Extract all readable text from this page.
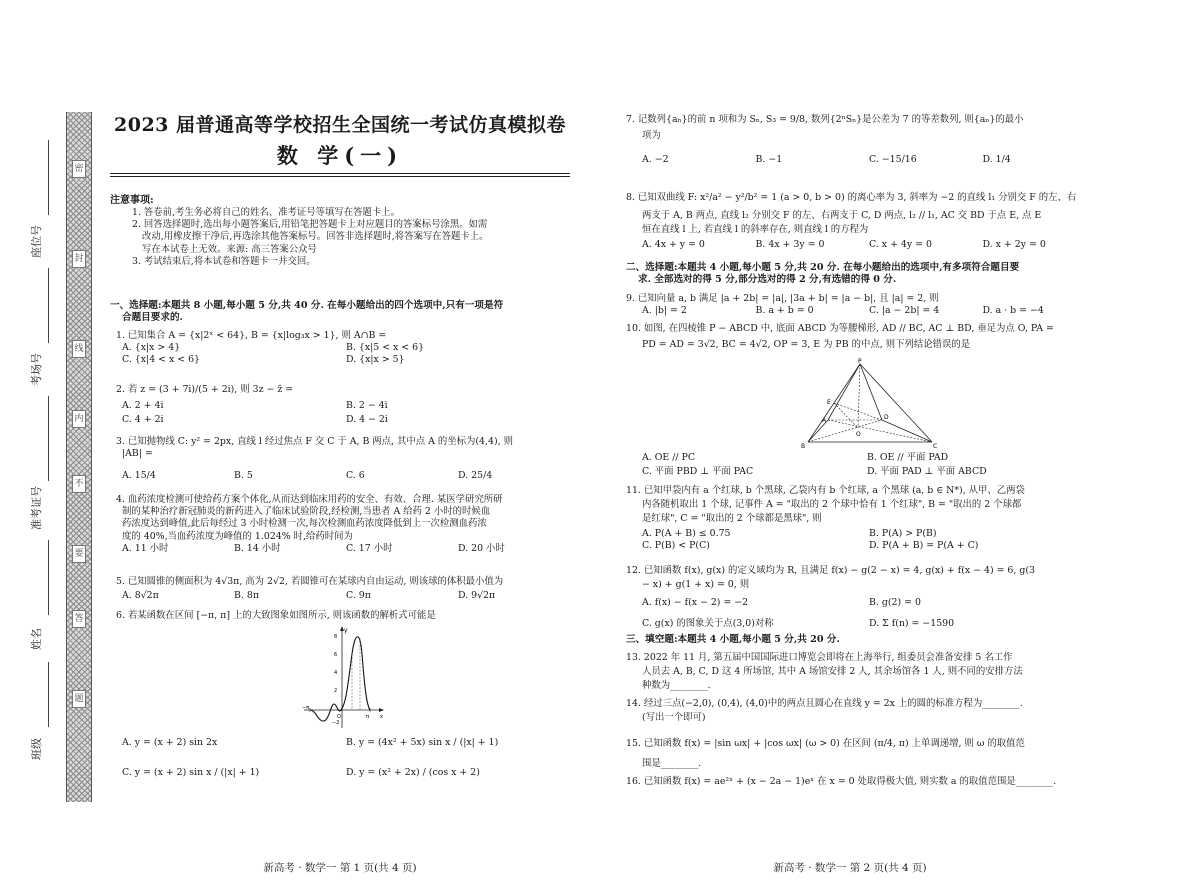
密
封
线
内
不
要
答
题
座位号
考场号
准考证号
姓名
班级
2023 届普通高等学校招生全国统一考试仿真模拟卷
数 学(一)
注意事项:
1. 答卷前,考生务必将自己的姓名、准考证号等填写在答题卡上。
2. 回答选择题时,选出每小题答案后,用铅笔把答题卡上对应题目的答案标号涂黑。如需
改动,用橡皮擦干净后,再选涂其他答案标号。回答非选择题时,将答案写在答题卡上。
写在本试卷上无效。来源: 高三答案公众号
3. 考试结束后,将本试卷和答题卡一并交回。
一、选择题:本题共 8 小题,每小题 5 分,共 40 分. 在每小题给出的四个选项中,只有一项是符
合题目要求的.
1. 已知集合 A = {x|2ˣ < 64}, B = {x|log₃x > 1}, 则 A∩B =
A. {x|x > 4}	B. {x|5 < x < 6}
C. {x|4 < x < 6}	D. {x|x > 5}
2. 若 z = (3 + 7i)/(5 + 2i), 则 3z − z̄ =
A. 2 + 4i	B. 2 − 4i
C. 4 + 2i	D. 4 − 2i
3. 已知抛物线 C: y² = 2px, 直线 l 经过焦点 F 交 C 于 A, B 两点, 其中点 A 的坐标为(4,4), 则
|AB| =
A. 15/4	B. 5	C. 6	D. 25/4
4. 血药浓度检测可使给药方案个体化,从而达到临床用药的安全、有效、合理. 某医学研究所研
制的某种治疗新冠肺炎的新药进入了临床试验阶段,经检测,当患者 A 给药 2 小时的时候血
药浓度达到峰值,此后每经过 3 小时检测一次,每次检测血药浓度降低到上一次检测血药浓
度的 40%,当血药浓度为峰值的 1.024% 时,给药时间为
A. 11 小时	B. 14 小时	C. 17 小时	D. 20 小时
5. 已知圆锥的侧面积为 4√3π, 高为 2√2, 若圆锥可在某球内自由运动, 则该球的体积最小值为
A. 8√2π	B. 8π	C. 9π	D. 9√2π
6. 若某函数在区间 [−π, π] 上的大致图象如图所示, 则该函数的解析式可能是
y
8
6
4
2
−2
−π
O	π x
A. y = (x + 2) sin 2x	B. y = (4x² + 5x) sin x / (|x| + 1)
C. y = (x + 2) sin x / (|x| + 1)	D. y = (x² + 2x) / (cos x + 2)
新高考 · 数学一 第 1 页(共 4 页)
7. 记数列{aₙ}的前 n 项和为 Sₙ, S₃ = 9/8, 数列{2ⁿSₙ}是公差为 7 的等差数列, 则{aₙ}的最小
项为
A. −2	B. −1	C. −15/16	D. 1/4
8. 已知双曲线 F: x²/a² − y²/b² = 1 (a > 0, b > 0) 的离心率为 3, 斜率为 −2 的直线 l₁ 分别交 F 的左、右
两支于 A, B 两点, 直线 l₂ 分别交 F 的左、右两支于 C, D 两点, l₂ // l₁, AC 交 BD 于点 E, 点 E
恒在直线 l 上, 若直线 l 的斜率存在, 则直线 l 的方程为
A. 4x + y = 0	B. 4x + 3y = 0	C. x + 4y = 0	D. x + 2y = 0
二、选择题:本题共 4 小题,每小题 5 分,共 20 分. 在每小题给出的选项中,有多项符合题目要
求. 全部选对的得 5 分,部分选对的得 2 分,有选错的得 0 分.
9. 已知向量 a, b 满足 |a + 2b| = |a|, |3a + b| = |a − b|, 且 |a| = 2, 则
A. |b| = 2	B. a + b = 0	C. |a − 2b| = 4	D. a · b = −4
10. 如图, 在四棱锥 P − ABCD 中, 底面 ABCD 为等腰梯形, AD // BC, AC ⊥ BD, 垂足为点 O, PA =
PD = AD = 3√2, BC = 4√2, OP = 3, E 为 PB 的中点, 则下列结论错误的是
P
E
A	D
O
B	C
A. OE // PC	B. OE // 平面 PAD
C. 平面 PBD ⊥ 平面 PAC	D. 平面 PAD ⊥ 平面 ABCD
11. 已知甲袋内有 a 个红球, b 个黑球, 乙袋内有 b 个红球, a 个黑球 (a, b ∈ N*), 从甲、乙两袋
内各随机取出 1 个球, 记事件 A = "取出的 2 个球中恰有 1 个红球", B = "取出的 2 个球都
是红球", C = "取出的 2 个球都是黑球", 则
A. P(A + B) ≤ 0.75	B. P(A) > P(B)
C. P(B) < P(C)	D. P(A + B) = P(A + C)
12. 已知函数 f(x), g(x) 的定义域均为 R, 且满足 f(x) − g(2 − x) = 4, g(x) + f(x − 4) = 6, g(3
− x) + g(1 + x) = 0, 则
A. f(x) − f(x − 2) = −2	B. g(2) = 0
C. g(x) 的图象关于点(3,0)对称	D. Σ f(n) = −1590
三、填空题:本题共 4 小题,每小题 5 分,共 20 分.
13. 2022 年 11 月, 第五届中国国际进口博览会即将在上海举行, 组委员会准备安排 5 名工作
人员去 A, B, C, D 这 4 所场馆, 其中 A 场馆安排 2 人, 其余场馆各 1 人, 则不同的安排方法
种数为________.
14. 经过三点(−2,0), (0,4), (4,0)中的两点且圆心在直线 y = 2x 上的圆的标准方程为________.
(写出一个即可)
15. 已知函数 f(x) = |sin ωx| + |cos ωx| (ω > 0) 在区间 (π/4, π) 上单调递增, 则 ω 的取值范
围是________.
16. 已知函数 f(x) = ae²ˣ + (x − 2a − 1)eˣ 在 x = 0 处取得极大值, 则实数 a 的取值范围是________.
新高考 · 数学一 第 2 页(共 4 页)
